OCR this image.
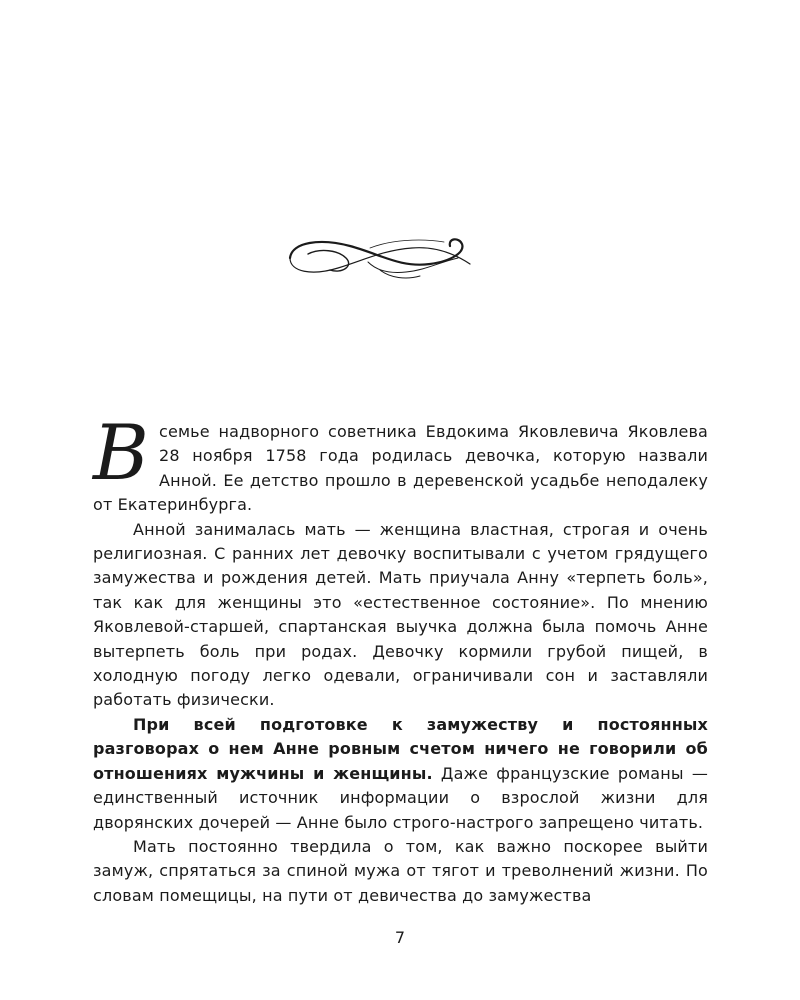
Всемье надворного советника Евдокима Яковлевича Яковлева 28 ноября 1758 года родилась девочка, которую назвали Анной. Ее детство прошло в деревенской усадьбе неподалеку от Екатеринбурга.

Анной занималась мать — женщина властная, строгая и очень религиозная. С ранних лет девочку воспитывали с учетом грядущего замужества и рождения детей. Мать приучала Анну «терпеть боль», так как для женщины это «естественное состояние». По мнению Яковлевой-старшей, спартанская выучка должна была помочь Анне вытерпеть боль при родах. Девочку кормили грубой пищей, в холодную погоду легко одевали, ограничивали сон и заставляли работать физически.

При всей подготовке к замужеству и постоянных разговорах о нем Анне ровным счетом ничего не говорили об отношениях мужчины и женщины. Даже французские романы — единственный источник информации о взрослой жизни для дворянских дочерей — Анне было строго-настрого запрещено читать.

Мать постоянно твердила о том, как важно поскорее выйти замуж, спрятаться за спиной мужа от тягот и треволнений жизни. По словам помещицы, на пути от девичества до замужества

7
